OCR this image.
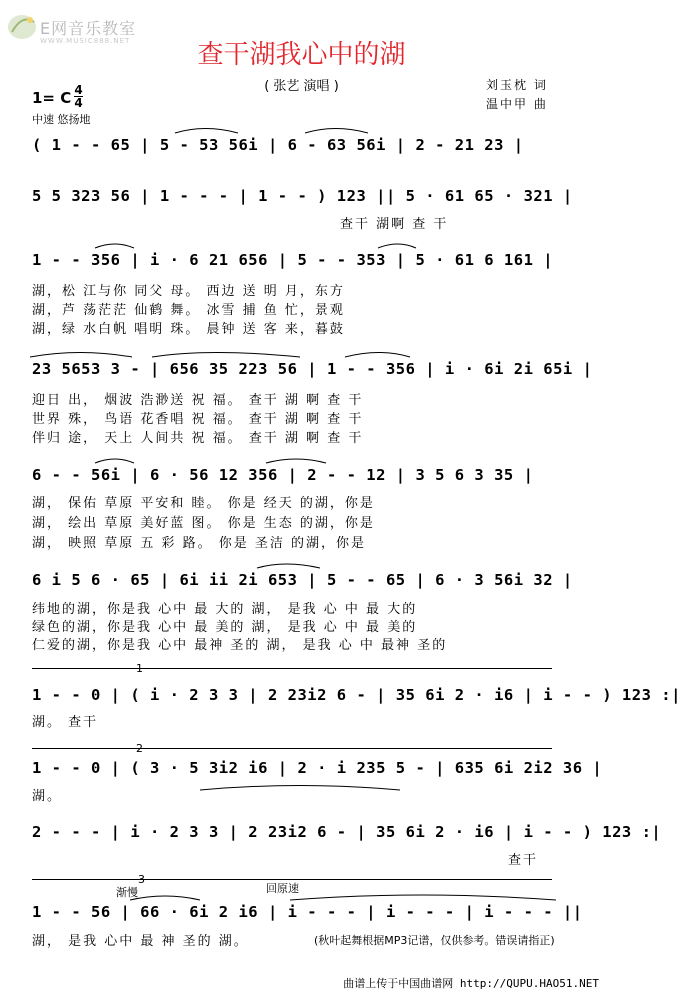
E网音乐教室
WWW.MUSIC888.NET	查干湖我心中的湖
( 张艺 演唱 )	刘玉枕 词
温中甲 曲
1= C 4
4
中速 悠扬地
( 1 - - 65 | 5 - 53 56i | 6 - 63 56i | 2 - 21 23 |
5 5 323 56 | 1 - - - | 1 - - ) 123 || 5 · 61 65 · 321 |
查干 湖啊 查 干
1 - - 356 | i · 6 21 656 | 5 - - 353 | 5 · 61 6 161 |
湖，松 江与你 同父 母。 西边 送 明 月，东方
湖，芦 荡茫茫 仙鹤 舞。 冰雪 捕 鱼 忙，景观
湖，绿 水白帆 唱明 珠。 晨钟 送 客 来，暮鼓
23 5653 3 - | 656 35 223 56 | 1 - - 356 | i · 6i 2i 65i |
迎日 出， 烟波 浩渺送 祝 福。 查干 湖 啊 查 干
世界 殊， 鸟语 花香唱 祝 福。 查干 湖 啊 查 干
伴归 途， 天上 人间共 祝 福。 查干 湖 啊 查 干
6 - - 56i | 6 · 56 12 356 | 2 - - 12 | 3 5 6 3 35 |
湖， 保佑 草原 平安和 睦。 你是 经天 的湖，你是
湖， 绘出 草原 美好蓝 图。 你是 生态 的湖，你是
湖， 映照 草原 五 彩 路。 你是 圣洁 的湖，你是
6 i 5 6 · 65 | 6i ii 2i 653 | 5 - - 65 | 6 · 3 56i 32 |
纬地的湖，你是我 心中 最 大的 湖， 是我 心 中 最 大的
绿色的湖，你是我 心中 最 美的 湖， 是我 心 中 最 美的
仁爱的湖，你是我 心中 最神 圣的 湖， 是我 心 中 最神 圣的
1
1 - - 0 | ( i · 2 3 3 | 2 23i2 6 - | 35 6i 2 · i6 | i - - ) 123 :|
湖。 查干
2
1 - - 0 | ( 3 · 5 3i2 i6 | 2 · i 235 5 - | 635 6i 2i2 36 |
湖。
2 - - - | i · 2 3 3 | 2 23i2 6 - | 35 6i 2 · i6 | i - - ) 123 :|
查干
3
渐慢	回原速
1 - - 56 | 66 · 6i 2 i6 | i - - - | i - - - | i - - - ||
湖， 是我 心中 最 神 圣的 湖。	(秋叶起舞根据MP3记谱，仅供参考。错误请指正)
曲谱上传于中国曲谱网 http://QUPU.HAO51.NET
